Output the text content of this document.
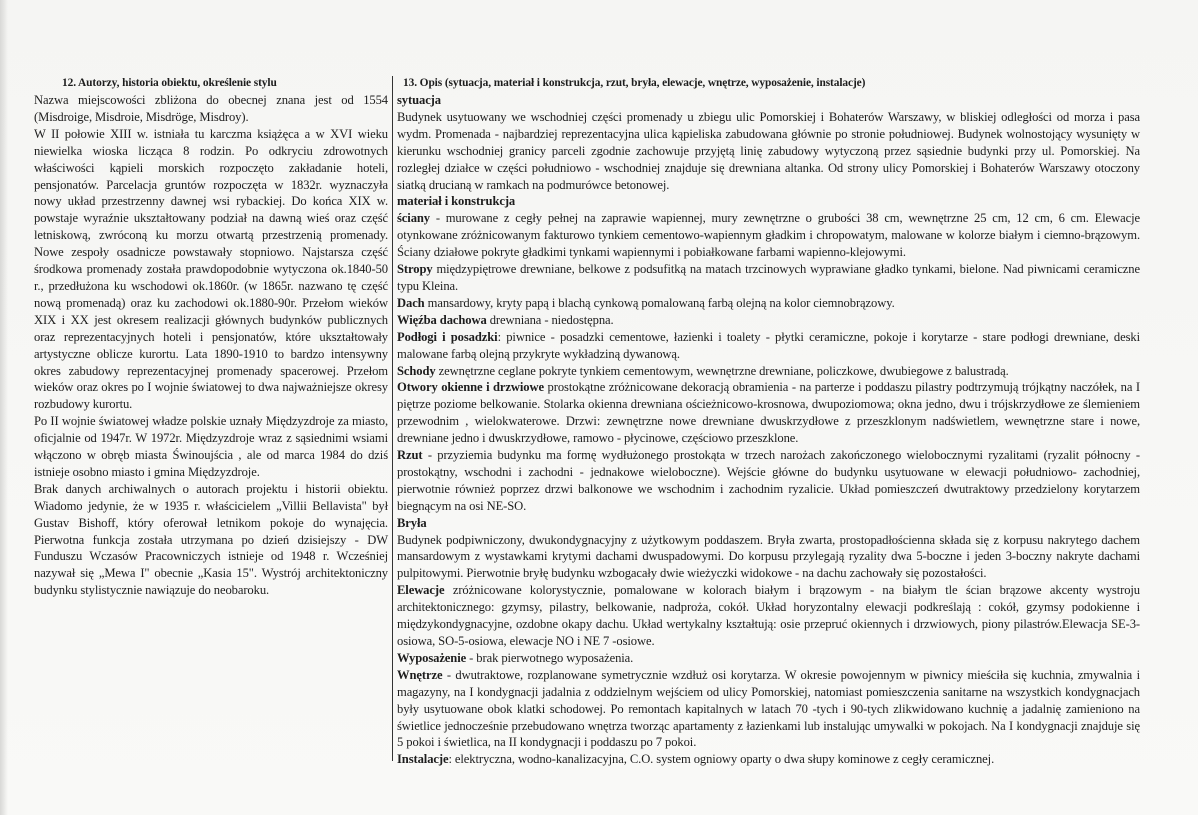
12. Autorzy, historia obiektu, określenie stylu

Nazwa miejscowości zbliżona do obecnej znana jest od 1554 (Misdroige, Misdroie, Misdröge, Misdroy).

W II połowie XIII w. istniała tu karczma książęca a w XVI wieku niewielka wioska licząca 8 rodzin. Po odkryciu zdrowotnych właściwości kąpieli morskich rozpoczęto zakładanie hoteli, pensjonatów. Parcelacja gruntów rozpoczęta w 1832r. wyznaczyła nowy układ przestrzenny dawnej wsi rybackiej. Do końca XIX w. powstaje wyraźnie ukształtowany podział na dawną wieś oraz część letniskową, zwróconą ku morzu otwartą przestrzenią promenady. Nowe zespoły osadnicze powstawały stopniowo. Najstarsza część środkowa promenady została prawdopodobnie wytyczona ok.1840-50 r., przedłużona ku wschodowi ok.1860r. (w 1865r. nazwano tę część nową promenadą) oraz ku zachodowi ok.1880-90r. Przełom wieków XIX i XX jest okresem realizacji głównych budynków publicznych oraz reprezentacyjnych hoteli i pensjonatów, które ukształtowały artystyczne oblicze kurortu. Lata 1890-1910 to bardzo intensywny okres zabudowy reprezentacyjnej promenady spacerowej. Przełom wieków oraz okres po I wojnie światowej to dwa najważniejsze okresy rozbudowy kurortu.

Po II wojnie światowej władze polskie uznały Międzyzdroje za miasto, oficjalnie od 1947r. W 1972r. Międzyzdroje wraz z sąsiednimi wsiami włączono w obręb miasta Świnoujścia , ale od marca 1984 do dziś istnieje osobno miasto i gmina Międzyzdroje.

Brak danych archiwalnych o autorach projektu i historii obiektu. Wiadomo jedynie, że w 1935 r. właścicielem „Villii Bellavista" był Gustav Bishoff, który oferował letnikom pokoje do wynajęcia. Pierwotna funkcja została utrzymana po dzień dzisiejszy - DW Funduszu Wczasów Pracowniczych istnieje od 1948 r. Wcześniej nazywał się „Mewa I" obecnie „Kasia 15". Wystrój architektoniczny budynku stylistycznie nawiązuje do neobaroku.

13. Opis (sytuacja, materiał i konstrukcja, rzut, bryła, elewacje, wnętrze, wyposażenie, instalacje)

sytuacja

Budynek usytuowany we wschodniej części promenady u zbiegu ulic Pomorskiej i Bohaterów Warszawy, w bliskiej odległości od morza i pasa wydm. Promenada - najbardziej reprezentacyjna ulica kąpieliska zabudowana głównie po stronie południowej. Budynek wolnostojący wysunięty w kierunku wschodniej granicy parceli zgodnie zachowuje przyjętą linię zabudowy wytyczoną przez sąsiednie budynki przy ul. Pomorskiej. Na rozległej działce w części południowo - wschodniej znajduje się drewniana altanka. Od strony ulicy Pomorskiej i Bohaterów Warszawy otoczony siatką drucianą w ramkach na podmurówce betonowej.

materiał i konstrukcja

ściany - murowane z cegły pełnej na zaprawie wapiennej, mury zewnętrzne o grubości 38 cm, wewnętrzne 25 cm, 12 cm, 6 cm. Elewacje otynkowane zróżnicowanym fakturowo tynkiem cementowo-wapiennym gładkim i chropowatym, malowane w kolorze białym i ciemno-brązowym. Ściany działowe pokryte gładkimi tynkami wapiennymi i pobiałkowane farbami wapienno-klejowymi.

Stropy międzypiętrowe drewniane, belkowe z podsufitką na matach trzcinowych wyprawiane gładko tynkami, bielone. Nad piwnicami ceramiczne typu Kleina.

Dach mansardowy, kryty papą i blachą cynkową pomalowaną farbą olejną na kolor ciemnobrązowy.

Więźba dachowa drewniana - niedostępna.

Podłogi i posadzki: piwnice - posadzki cementowe, łazienki i toalety - płytki ceramiczne, pokoje i korytarze - stare podłogi drewniane, deski malowane farbą olejną przykryte wykładziną dywanową.

Schody zewnętrzne ceglane pokryte tynkiem cementowym, wewnętrzne drewniane, policzkowe, dwubiegowe z balustradą.

Otwory okienne i drzwiowe prostokątne zróżnicowane dekoracją obramienia - na parterze i poddaszu pilastry podtrzymują trójkątny naczółek, na I piętrze poziome belkowanie. Stolarka okienna drewniana ościeżnicowo-krosnowa, dwupoziomowa; okna jedno, dwu i trójskrzydłowe ze ślemieniem przewodnim , wielokwaterowe. Drzwi: zewnętrzne nowe drewniane dwuskrzydłowe z przeszklonym nadświetlem, wewnętrzne stare i nowe, drewniane jedno i dwuskrzydłowe, ramowo - płycinowe, częściowo przeszklone.

Rzut - przyziemia budynku ma formę wydłużonego prostokąta w trzech narożach zakończonego wielobocznymi ryzalitami (ryzalit północny - prostokątny, wschodni i zachodni - jednakowe wieloboczne). Wejście główne do budynku usytuowane w elewacji południowo- zachodniej, pierwotnie również poprzez drzwi balkonowe we wschodnim i zachodnim ryzalicie. Układ pomieszczeń dwutraktowy przedzielony korytarzem biegnącym na osi NE-SO.

Bryła

Budynek podpiwniczony, dwukondygnacyjny z użytkowym poddaszem. Bryła zwarta, prostopadłościenna składa się z korpusu nakrytego dachem mansardowym z wystawkami krytymi dachami dwuspadowymi. Do korpusu przylegają ryzality dwa 5-boczne i jeden 3-boczny nakryte dachami pulpitowymi. Pierwotnie bryłę budynku wzbogacały dwie wieżyczki widokowe - na dachu zachowały się pozostałości.

Elewacje zróżnicowane kolorystycznie, pomalowane w kolorach białym i brązowym - na białym tle ścian brązowe akcenty wystroju architektonicznego: gzymsy, pilastry, belkowanie, nadproża, cokół. Układ horyzontalny elewacji podkreślają : cokół, gzymsy podokienne i międzykondygnacyjne, ozdobne okapy dachu. Układ wertykalny kształtują: osie przepruć okiennych i drzwiowych, piony pilastrów.Elewacja SE-3-osiowa, SO-5-osiowa, elewacje NO i NE 7 -osiowe.

Wyposażenie - brak pierwotnego wyposażenia.

Wnętrze - dwutraktowe, rozplanowane symetrycznie wzdłuż osi korytarza. W okresie powojennym w piwnicy mieściła się kuchnia, zmywalnia i magazyny, na I kondygnacji jadalnia z oddzielnym wejściem od ulicy Pomorskiej, natomiast pomieszczenia sanitarne na wszystkich kondygnacjach były usytuowane obok klatki schodowej. Po remontach kapitalnych w latach 70 -tych i 90-tych zlikwidowano kuchnię a jadalnię zamieniono na świetlice jednocześnie przebudowano wnętrza tworząc apartamenty z łazienkami lub instalując umywalki w pokojach. Na I kondygnacji znajduje się 5 pokoi i świetlica, na II kondygnacji i poddaszu po 7 pokoi.

Instalacje: elektryczna, wodno-kanalizacyjna, C.O. system ogniowy oparty o dwa słupy kominowe z cegły ceramicznej.
